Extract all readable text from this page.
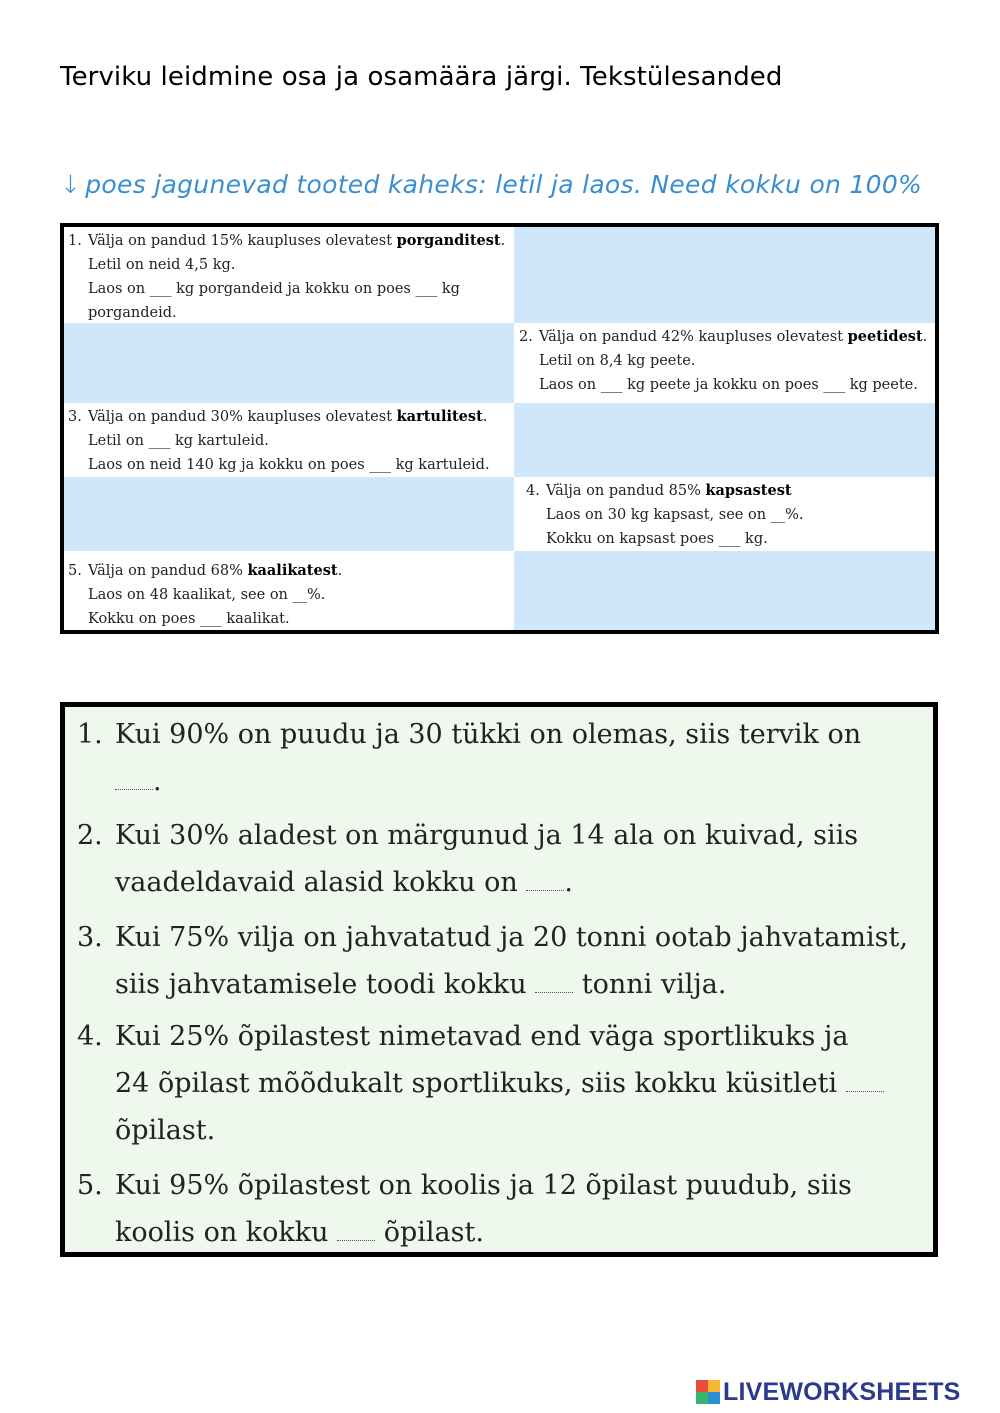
Terviku leidmine osa ja osamäära järgi. Tekstülesanded
↓ poes jagunevad tooted kaheks: letil ja laos. Need kokku on 100%
1. Välja on pandud 15% kaupluses olevatest porganditest.
Letil on neid 4,5 kg.
Laos on ___ kg porgandeid ja kokku on poes ___ kg
porgandeid.
2. Välja on pandud 42% kaupluses olevatest peetidest.
Letil on 8,4 kg peete.
Laos on ___ kg peete ja kokku on poes ___ kg peete.
3. Välja on pandud 30% kaupluses olevatest kartulitest.
Letil on ___ kg kartuleid.
Laos on neid 140 kg ja kokku on poes ___ kg kartuleid.
4. Välja on pandud 85% kapsastest
Laos on 30 kg kapsast, see on __%.
Kokku on kapsast poes ___ kg.
5. Välja on pandud 68% kaalikatest.
Laos on 48 kaalikat, see on __%.
Kokku on poes ___ kaalikat.
1. Kui 90% on puudu ja 30 tükki on olemas, siis tervik on
.
2. Kui 30% aladest on märgunud ja 14 ala on kuivad, siis
vaadeldavaid alasid kokku on .
3. Kui 75% vilja on jahvatatud ja 20 tonni ootab jahvatamist,
siis jahvatamisele toodi kokku tonni vilja.
4. Kui 25% õpilastest nimetavad end väga sportlikuks ja
24 õpilast mõõdukalt sportlikuks, siis kokku küsitleti
õpilast.
5. Kui 95% õpilastest on koolis ja 12 õpilast puudub, siis
koolis on kokku õpilast.
LIVEWORKSHEETS
